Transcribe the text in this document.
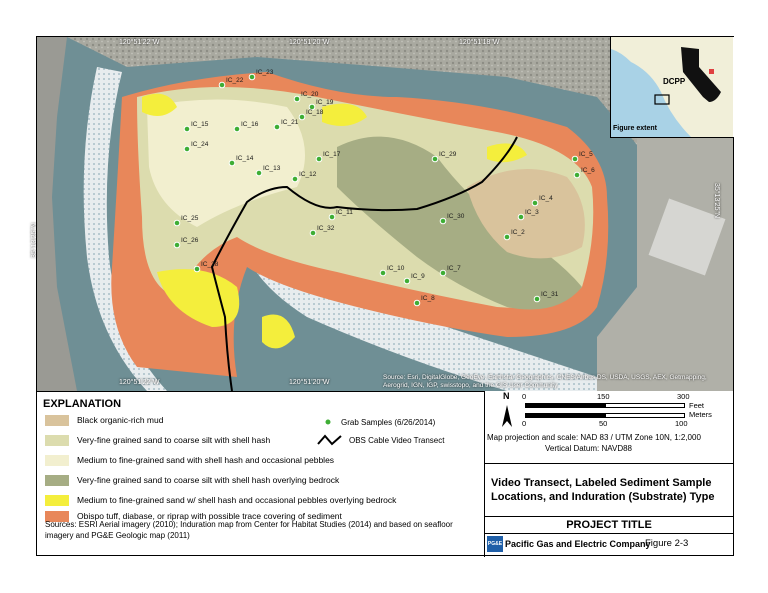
IC_22
IC_23
IC_20
IC_19
IC_18
IC_15	IC_16	IC_21
IC_24
IC_14
IC_13
IC_12
IC_17	IC_29	IC_5
IC_6
IC_4
IC_3
IC_2
IC_30
IC_11
IC_32
IC_25
IC_26
IC_28
IC_10
IC_9
IC_7
IC_8
IC_31
120°51'22"W	120°51'20"W	120°51'18"W
120°51'22"W	120°51'20"W
35°13'25"N
35°13'25"N
Source: Esri, DigitalGlobe, GeoEye, Earthstar Geographics, CNES/Airbus DS, USDA, USGS, AEX, Getmapping, Aerogrid, IGN, IGP, swisstopo, and the GIS User Community
DCPP
Figure extent
EXPLANATION
Black organic-rich mud
Very-fine grained sand to coarse silt with shell hash
Medium to fine-grained sand with shell hash and occasional pebbles
Very-fine grained sand to coarse silt with shell hash overlying bedrock
Medium to fine-grained sand w/ shell hash and occasional pebbles overlying bedrock
Obispo tuff, diabase, or riprap with possible trace covering of sediment
Grab Samples (6/26/2014)
OBS Cable Video Transect
Sources: ESRI Aerial imagery (2010); Induration map from Center for Habitat Studies (2014) and based on seafloor imagery and PG&E Geologic map (2011)
N 0	150	300
Feet
Meters
0	50	100
Map projection and scale: NAD 83 / UTM Zone 10N, 1:2,000
Vertical Datum: NAVD88
Video Transect, Labeled Sediment Sample Locations, and Induration (Substrate) Type
PROJECT TITLE
PG&E Pacific Gas and Electric Company
Figure 2-3
